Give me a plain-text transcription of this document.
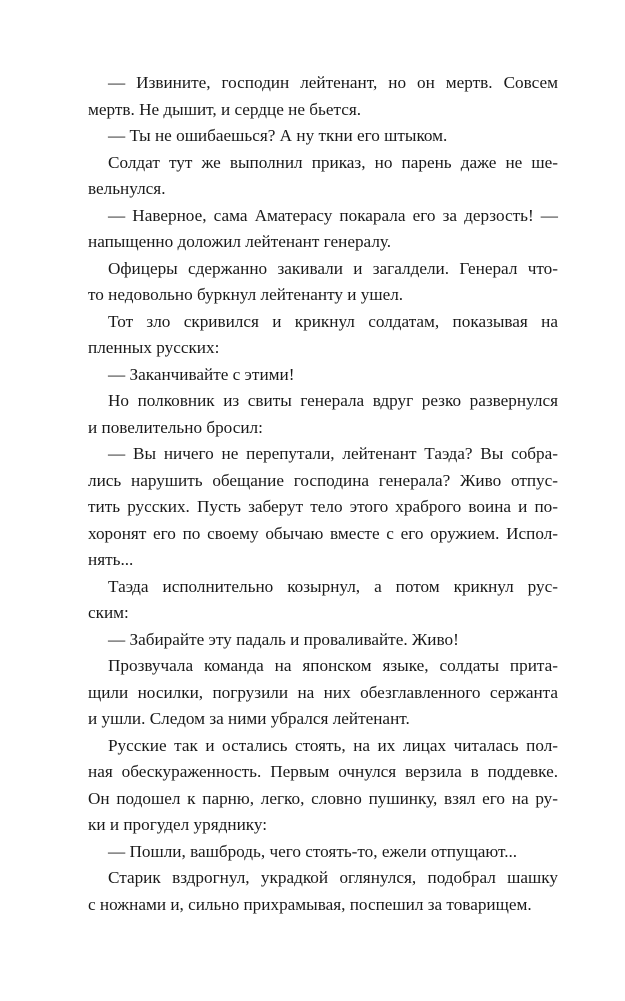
— Извините, господин лейтенант, но он мертв. Совсем
мертв. Не дышит, и сердце не бьется.
— Ты не ошибаешься? А ну ткни его штыком.
Солдат тут же выполнил приказ, но парень даже не ше-
вельнулся.
— Наверное, сама Аматерасу покарала его за дерзость! —
напыщенно доложил лейтенант генералу.
Офицеры сдержанно закивали и загалдели. Генерал что-
то недовольно буркнул лейтенанту и ушел.
Тот зло скривился и крикнул солдатам, показывая на
пленных русских:
— Заканчивайте с этими!
Но полковник из свиты генерала вдруг резко развернулся
и повелительно бросил:
— Вы ничего не перепутали, лейтенант Таэда? Вы собра-
лись нарушить обещание господина генерала? Живо отпус-
тить русских. Пусть заберут тело этого храброго воина и по-
хоронят его по своему обычаю вместе с его оружием. Испол-
нять...
Таэда исполнительно козырнул, а потом крикнул рус-
ским:
— Забирайте эту падаль и проваливайте. Живо!
Прозвучала команда на японском языке, солдаты прита-
щили носилки, погрузили на них обезглавленного сержанта
и ушли. Следом за ними убрался лейтенант.
Русские так и остались стоять, на их лицах читалась пол-
ная обескураженность. Первым очнулся верзила в поддевке.
Он подошел к парню, легко, словно пушинку, взял его на ру-
ки и прогудел уряднику:
— Пошли, вашбродь, чего стоять-то, ежели отпущают...
Старик вздрогнул, украдкой оглянулся, подобрал шашку
с ножнами и, сильно прихрамывая, поспешил за товарищем.
